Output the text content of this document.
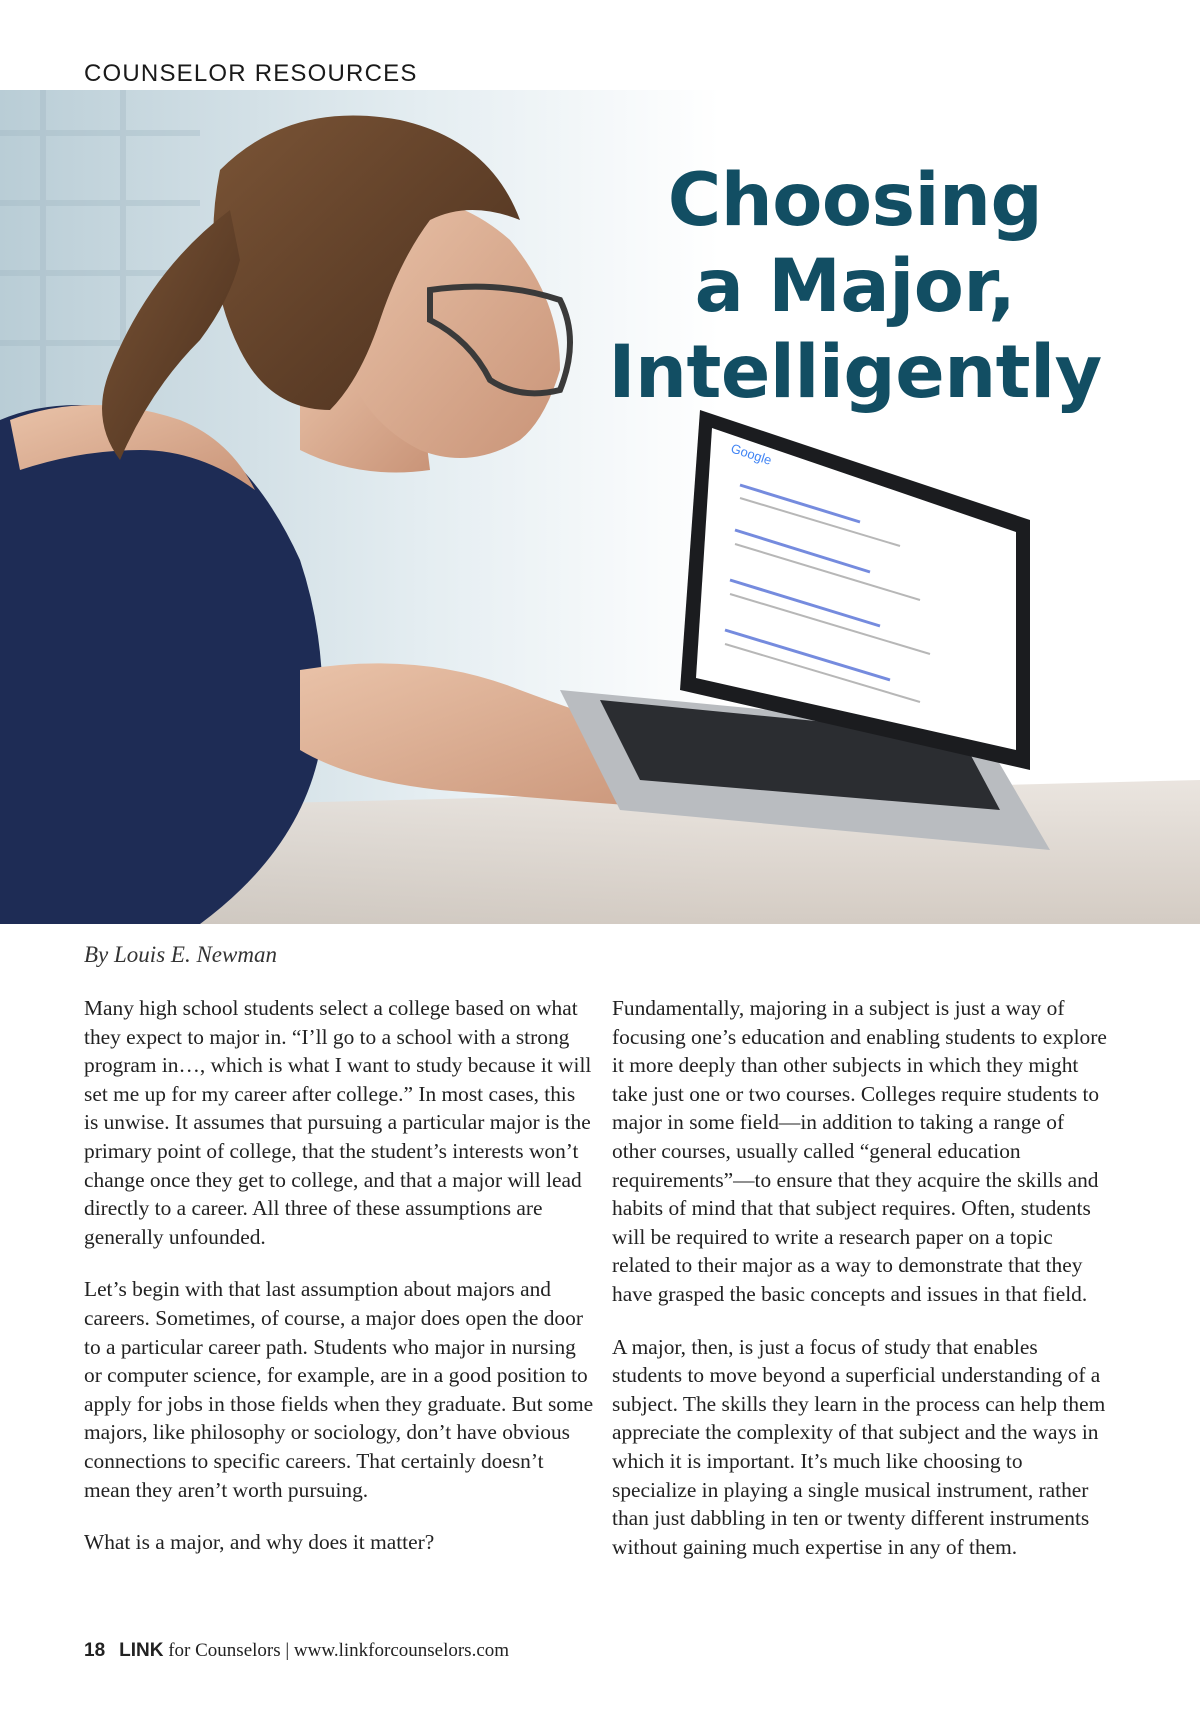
COUNSELOR RESOURCES
Google
Choosing
a Major,
Intelligently
By Louis E. Newman

Many high school students select a college based on what they expect to major in. “I’ll go to a school with a strong program in…, which is what I want to study because it will set me up for my career after college.” In most cases, this is unwise. It assumes that pursuing a particular major is the primary point of college, that the student’s interests won’t change once they get to college, and that a major will lead directly to a career. All three of these assumptions are generally unfounded.

Let’s begin with that last assumption about majors and careers. Sometimes, of course, a major does open the door to a particular career path. Students who major in nursing or computer science, for example, are in a good position to apply for jobs in those fields when they graduate. But some majors, like philosophy or sociology, don’t have obvious connections to specific careers. That certainly doesn’t mean they aren’t worth pursuing.

What is a major, and why does it matter?

Fundamentally, majoring in a subject is just a way of focusing one’s education and enabling students to explore it more deeply than other subjects in which they might take just one or two courses. Colleges require students to major in some field—in addition to taking a range of other courses, usually called “general education requirements”—to ensure that they acquire the skills and habits of mind that that subject requires. Often, students will be required to write a research paper on a topic related to their major as a way to demonstrate that they have grasped the basic concepts and issues in that field.

A major, then, is just a focus of study that enables students to move beyond a superficial understanding of a subject. The skills they learn in the process can help them appreciate the complexity of that subject and the ways in which it is important. It’s much like choosing to specialize in playing a single musical instrument, rather than just dabbling in ten or twenty different instruments without gaining much expertise in any of them.

18 LINK for Counselors | www.linkforcounselors.com
